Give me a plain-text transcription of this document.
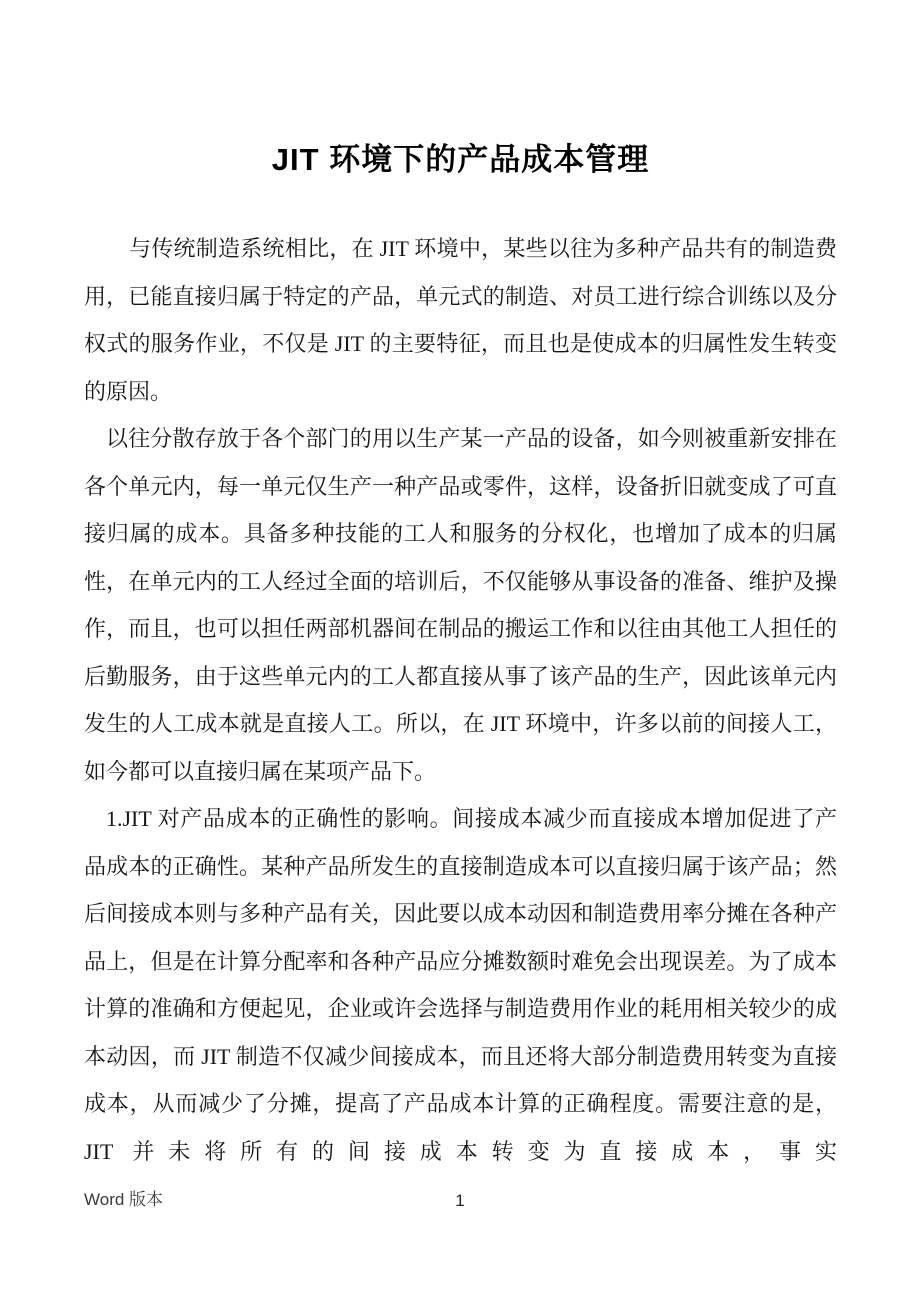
JIT 环境下的产品成本管理

与传统制造系统相比，在 JIT 环境中，某些以往为多种产品共有的制造费用，已能直接归属于特定的产品，单元式的制造、对员工进行综合训练以及分权式的服务作业，不仅是 JIT 的主要特征，而且也是使成本的归属性发生转变的原因。

以往分散存放于各个部门的用以生产某一产品的设备，如今则被重新安排在各个单元内，每一单元仅生产一种产品或零件，这样，设备折旧就变成了可直接归属的成本。具备多种技能的工人和服务的分权化，也增加了成本的归属性，在单元内的工人经过全面的培训后，不仅能够从事设备的准备、维护及操作，而且，也可以担任两部机器间在制品的搬运工作和以往由其他工人担任的后勤服务，由于这些单元内的工人都直接从事了该产品的生产，因此该单元内发生的人工成本就是直接人工。所以，在 JIT 环境中，许多以前的间接人工，如今都可以直接归属在某项产品下。

1.JIT 对产品成本的正确性的影响。间接成本减少而直接成本增加促进了产品成本的正确性。某种产品所发生的直接制造成本可以直接归属于该产品；然后间接成本则与多种产品有关，因此要以成本动因和制造费用率分摊在各种产品上，但是在计算分配率和各种产品应分摊数额时难免会出现误差。为了成本计算的准确和方便起见，企业或许会选择与制造费用作业的耗用相关较少的成本动因，而 JIT 制造不仅减少间接成本，而且还将大部分制造费用转变为直接成本，从而减少了分摊，提高了产品成本计算的正确程度。需要注意的是，JIT 并未将所有的间接成本转变为直接成本，事实

Word 版本	1
